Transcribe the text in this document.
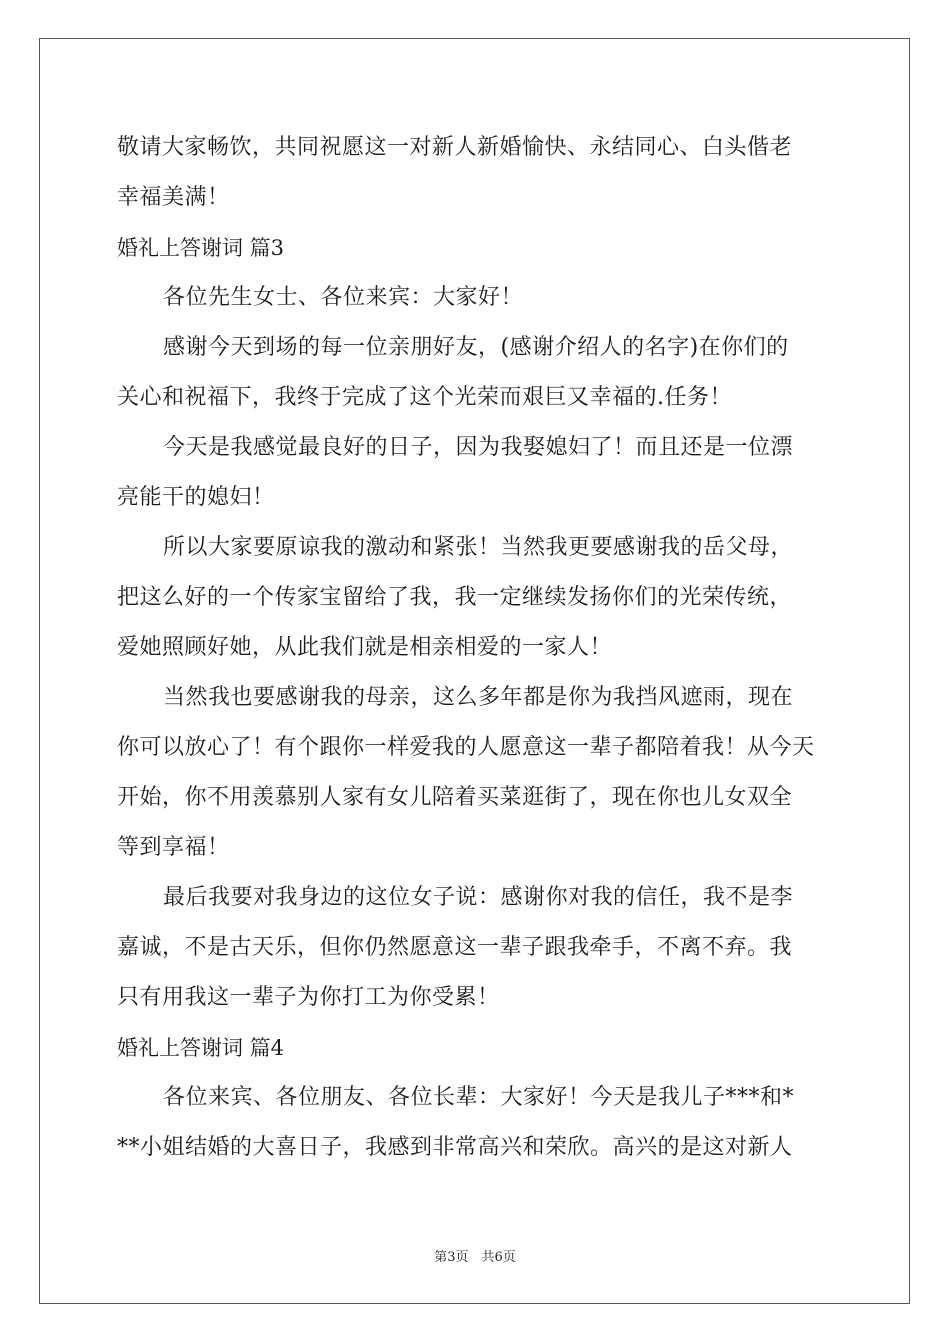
敬请大家畅饮，共同祝愿这一对新人新婚愉快、永结同心、白头偕老
幸福美满！
婚礼上答谢词 篇3
各位先生女士、各位来宾：大家好！
感谢今天到场的每一位亲朋好友，(感谢介绍人的名字)在你们的
关心和祝福下，我终于完成了这个光荣而艰巨又幸福的.任务！
今天是我感觉最良好的日子，因为我娶媳妇了！而且还是一位漂
亮能干的媳妇！
所以大家要原谅我的激动和紧张！当然我更要感谢我的岳父母，
把这么好的一个传家宝留给了我，我一定继续发扬你们的光荣传统，
爱她照顾好她，从此我们就是相亲相爱的一家人！
当然我也要感谢我的母亲，这么多年都是你为我挡风遮雨，现在
你可以放心了！有个跟你一样爱我的人愿意这一辈子都陪着我！从今天
开始，你不用羡慕别人家有女儿陪着买菜逛街了，现在你也儿女双全
等到享福！
最后我要对我身边的这位女子说：感谢你对我的信任，我不是李
嘉诚，不是古天乐，但你仍然愿意这一辈子跟我牵手，不离不弃。我
只有用我这一辈子为你打工为你受累！
婚礼上答谢词 篇4
各位来宾、各位朋友、各位长辈：大家好！今天是我儿子***和*
**小姐结婚的大喜日子，我感到非常高兴和荣欣。高兴的是这对新人
第3页　共6页
